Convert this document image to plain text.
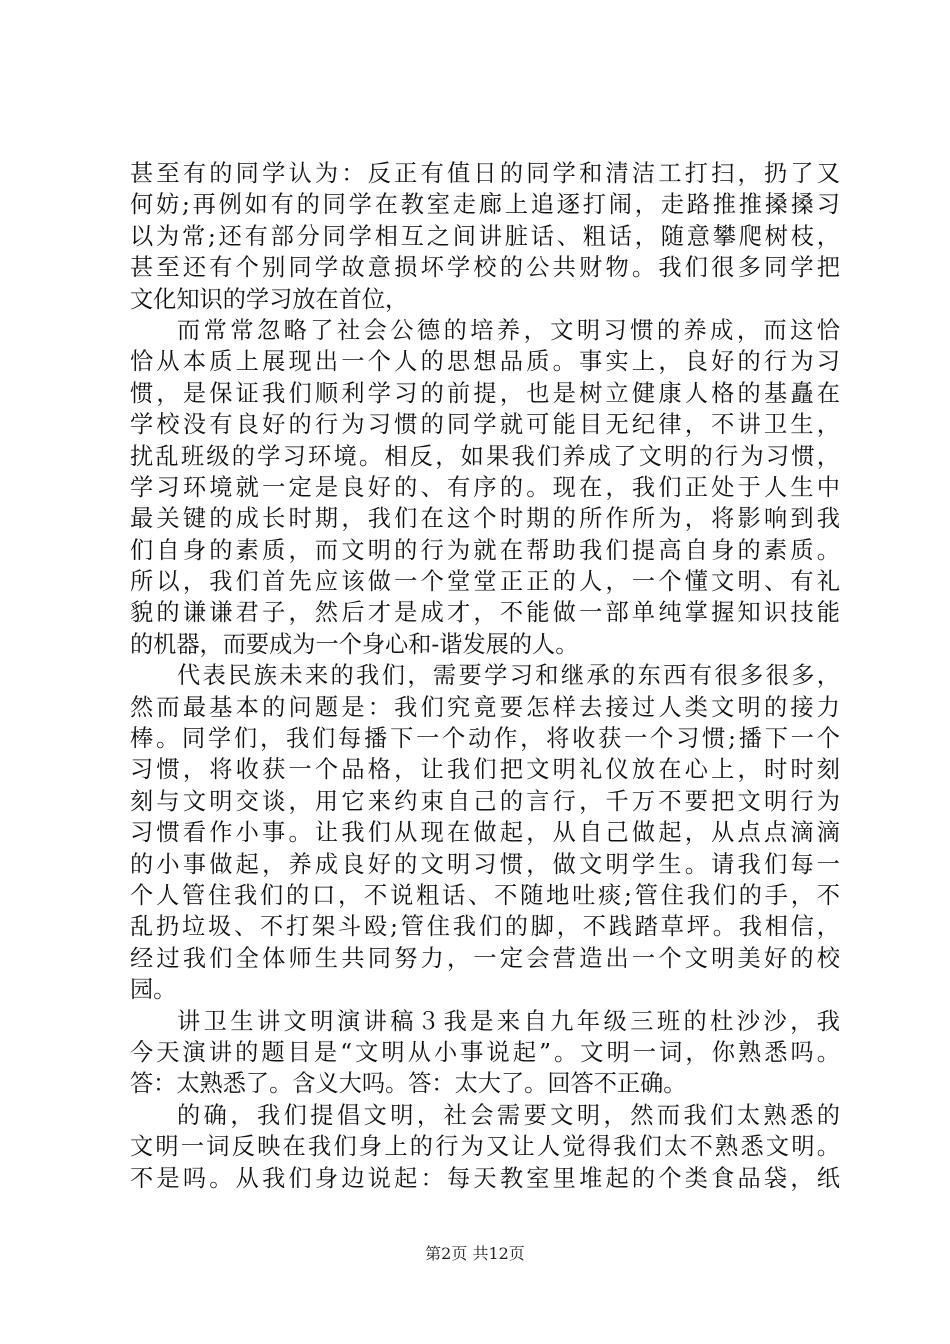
甚至有的同学认为：反正有值日的同学和清洁工打扫，扔了又
何妨;再例如有的同学在教室走廊上追逐打闹，走路推推搡搡习
以为常;还有部分同学相互之间讲脏话、粗话，随意攀爬树枝，
甚至还有个别同学故意损坏学校的公共财物。我们很多同学把
文化知识的学习放在首位，
而常常忽略了社会公德的培养，文明习惯的养成，而这恰
恰从本质上展现出一个人的思想品质。事实上，良好的行为习
惯，是保证我们顺利学习的前提，也是树立健康人格的基矗在
学校没有良好的行为习惯的同学就可能目无纪律，不讲卫生，
扰乱班级的学习环境。相反，如果我们养成了文明的行为习惯，
学习环境就一定是良好的、有序的。现在，我们正处于人生中
最关键的成长时期，我们在这个时期的所作所为，将影响到我
们自身的素质，而文明的行为就在帮助我们提高自身的素质。
所以，我们首先应该做一个堂堂正正的人，一个懂文明、有礼
貌的谦谦君子，然后才是成才，不能做一部单纯掌握知识技能
的机器，而要成为一个身心和-谐发展的人。
代表民族未来的我们，需要学习和继承的东西有很多很多，
然而最基本的问题是：我们究竟要怎样去接过人类文明的接力
棒。同学们，我们每播下一个动作，将收获一个习惯;播下一个
习惯，将收获一个品格，让我们把文明礼仪放在心上，时时刻
刻与文明交谈，用它来约束自己的言行，千万不要把文明行为
习惯看作小事。让我们从现在做起，从自己做起，从点点滴滴
的小事做起，养成良好的文明习惯，做文明学生。请我们每一
个人管住我们的口，不说粗话、不随地吐痰;管住我们的手，不
乱扔垃圾、不打架斗殴;管住我们的脚，不践踏草坪。我相信，
经过我们全体师生共同努力，一定会营造出一个文明美好的校
园。
讲卫生讲文明演讲稿３我是来自九年级三班的杜沙沙，我
今天演讲的题目是“文明从小事说起”。文明一词，你熟悉吗。
答：太熟悉了。含义大吗。答：太大了。回答不正确。
的确，我们提倡文明，社会需要文明，然而我们太熟悉的
文明一词反映在我们身上的行为又让人觉得我们太不熟悉文明。
不是吗。从我们身边说起：每天教室里堆起的个类食品袋，纸
第2页 共12页
